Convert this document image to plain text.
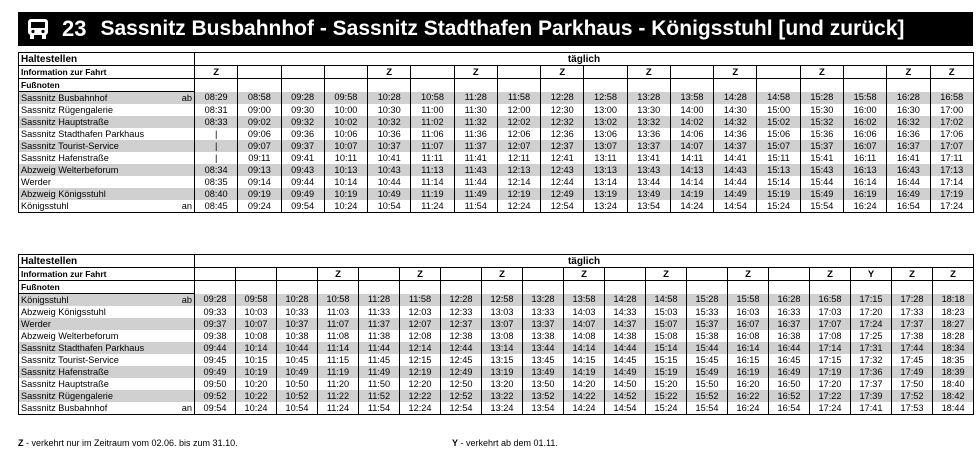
23 Sassnitz Busbahnhof - Sassnitz Stadthafen Parkhaus - Königsstuhl [und zurück]
Haltestellen	täglich																	
Information zur Fahrt	Z				Z		Z		Z		Z		Z		Z		Z	Z
Fußnoten																		

Sassnitz Busbahnhof ab	08:29	08:58	09:28	09:58	10:28	10:58	11:28	11:58	12:28	12:58	13:28	13:58	14:28	14:58	15:28	15:58	16:28	16:58

Sassnitz Rügengalerie	08:31	09:00	09:30	10:00	10:30	11:00	11:30	12:00	12:30	13:00	13:30	14:00	14:30	15:00	15:30	16:00	16:30	17:00

Sassnitz Hauptstraße	08:33	09:02	09:32	10:02	10:32	11:02	11:32	12:02	12:32	13:02	13:32	14:02	14:32	15:02	15:32	16:02	16:32	17:02

Sassnitz Stadthafen Parkhaus	|	09:06	09:36	10:06	10:36	11:06	11:36	12:06	12:36	13:06	13:36	14:06	14:36	15:06	15:36	16:06	16:36	17:06

Sassnitz Tourist-Service	|	09:07	09:37	10:07	10:37	11:07	11:37	12:07	12:37	13:07	13:37	14:07	14:37	15:07	15:37	16:07	16:37	17:07

Sassnitz Hafenstraße	|	09:11	09:41	10:11	10:41	11:11	11:41	12:11	12:41	13:11	13:41	14:11	14:41	15:11	15:41	16:11	16:41	17:11

Abzweig Welterbeforum	08:34	09:13	09:43	10:13	10:43	11:13	11:43	12:13	12:43	13:13	13:43	14:13	14:43	15:13	15:43	16:13	16:43	17:13

Werder	08:35	09:14	09:44	10:14	10:44	11:14	11:44	12:14	12:44	13:14	13:44	14:14	14:44	15:14	15:44	16:14	16:44	17:14

Abzweig Königsstuhl	08:40	09:19	09:49	10:19	10:49	11:19	11:49	12:19	12:49	13:19	13:49	14:19	14:49	15:19	15:49	16:19	16:49	17:19

Königsstuhl an	08:45	09:24	09:54	10:24	10:54	11:24	11:54	12:24	12:54	13:24	13:54	14:24	14:54	15:24	15:54	16:24	16:54	17:24
Haltestellen	täglich																		
Information zur Fahrt				Z		Z		Z		Z		Z		Z		Z	Y	Z	Z
Fußnoten																			

Königsstuhl ab	09:28	09:58	10:28	10:58	11:28	11:58	12:28	12:58	13:28	13:58	14:28	14:58	15:28	15:58	16:28	16:58	17:15	17:28	18:18

Abzweig Königsstuhl	09:33	10:03	10:33	11:03	11:33	12:03	12:33	13:03	13:33	14:03	14:33	15:03	15:33	16:03	16:33	17:03	17:20	17:33	18:23

Werder	09:37	10:07	10:37	11:07	11:37	12:07	12:37	13:07	13:37	14:07	14:37	15:07	15:37	16:07	16:37	17:07	17:24	17:37	18:27

Abzweig Welterbeforum	09:38	10:08	10:38	11:08	11:38	12:08	12:38	13:08	13:38	14:08	14:38	15:08	15:38	16:08	16:38	17:08	17:25	17:38	18:28

Sassnitz Stadthafen Parkhaus	09:44	10:14	10:44	11:14	11:44	12:14	12:44	13:14	13:44	14:14	14:44	15:14	15:44	16:14	16:44	17:14	17:31	17:44	18:34

Sassnitz Tourist-Service	09:45	10:15	10:45	11:15	11:45	12:15	12:45	13:15	13:45	14:15	14:45	15:15	15:45	16:15	16:45	17:15	17:32	17:45	18:35

Sassnitz Hafenstraße	09:49	10:19	10:49	11:19	11:49	12:19	12:49	13:19	13:49	14:19	14:49	15:19	15:49	16:19	16:49	17:19	17:36	17:49	18:39

Sassnitz Hauptstraße	09:50	10:20	10:50	11:20	11:50	12:20	12:50	13:20	13:50	14:20	14:50	15:20	15:50	16:20	16:50	17:20	17:37	17:50	18:40

Sassnitz Rügengalerie	09:52	10:22	10:52	11:22	11:52	12:22	12:52	13:22	13:52	14:22	14:52	15:22	15:52	16:22	16:52	17:22	17:39	17:52	18:42

Sassnitz Busbahnhof an	09:54	10:24	10:54	11:24	11:54	12:24	12:54	13:24	13:54	14:24	14:54	15:24	15:54	16:24	16:54	17:24	17:41	17:53	18:44
Z - verkehrt nur im Zeitraum vom 02.06. bis zum 31.10.	Y - verkehrt ab dem 01.11.
